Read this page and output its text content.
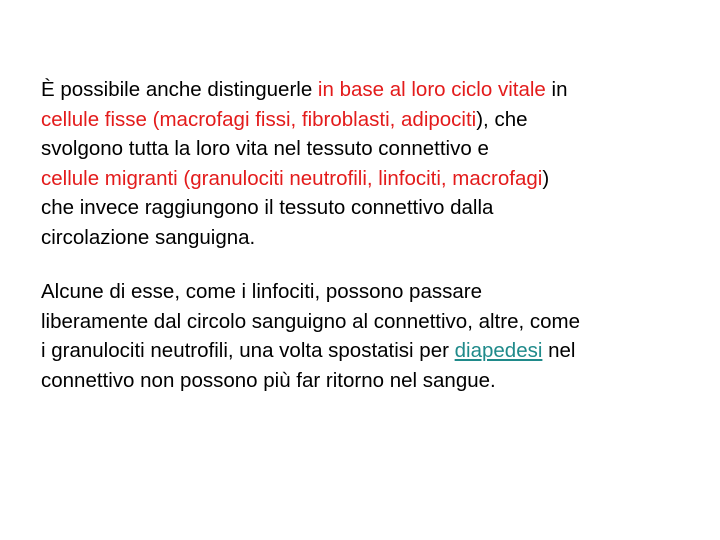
È possibile anche distinguerle in base al loro ciclo vitale in
cellule fisse (macrofagi fissi, fibroblasti, adipociti), che
svolgono tutta la loro vita nel tessuto connettivo e
cellule migranti (granulociti neutrofili, linfociti, macrofagi)
che invece raggiungono il tessuto connettivo dalla
circolazione sanguigna.

Alcune di esse, come i linfociti, possono passare
liberamente dal circolo sanguigno al connettivo, altre, come
i granulociti neutrofili, una volta spostatisi per diapedesi nel
connettivo non possono più far ritorno nel sangue.
